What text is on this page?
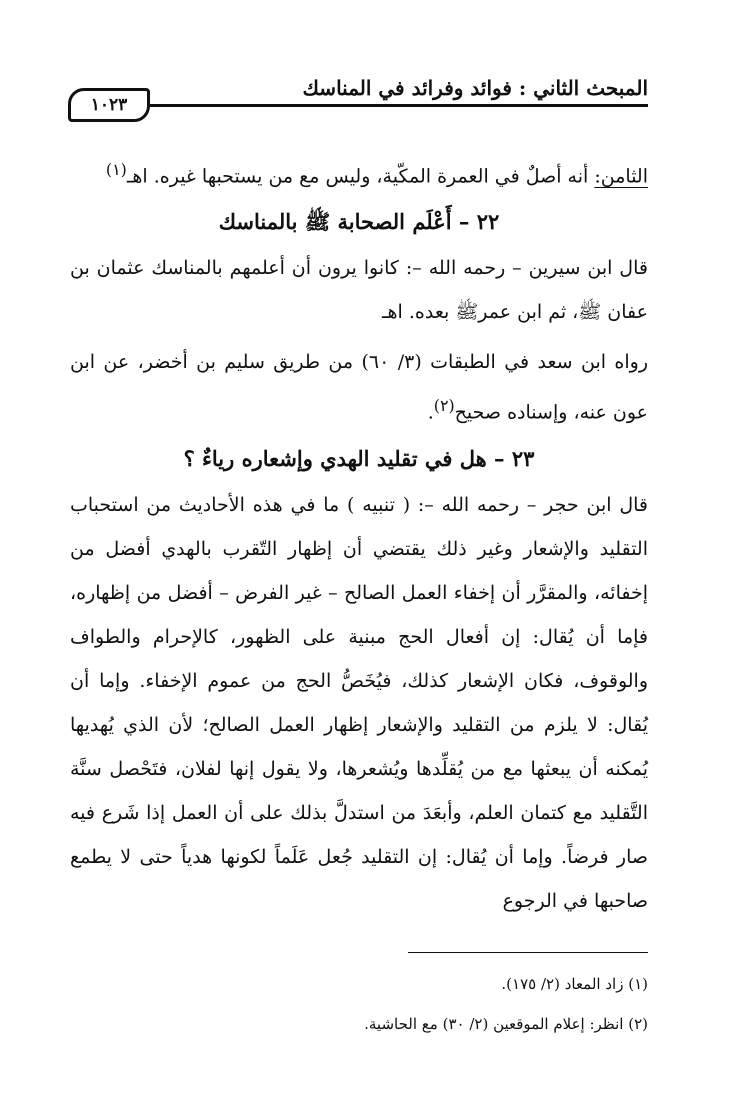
المبحث الثاني : فوائد وفرائد في المناسك
١٠٢٣

الثامن: أنه أصلٌ في العمرة المكّية، وليس مع من يستحبها غيره. اهـ$^{(١)}$

٢٢ – أَعْلَم الصحابة ﷺ بالمناسك

قال ابن سيرين – رحمه الله –: كانوا يرون أن أعلمهم بالمناسك عثمان بن عفان ﷺ، ثم ابن عمرﷺ بعده. اهـ

رواه ابن سعد في الطبقات (٣/ ٦٠) من طريق سليم بن أخضر، عن ابن عون عنه، وإسناده صحيح$^{(٢)}$.

٢٣ – هل في تقليد الهدي وإشعاره رياءٌ ؟

قال ابن حجر – رحمه الله –: ( تنبيه ) ما في هذه الأحاديث من استحباب التقليد والإشعار وغير ذلك يقتضي أن إظهار التّقرب بالهدي أفضل من إخفائه، والمقرَّر أن إخفاء العمل الصالح – غير الفرض – أفضل من إظهاره، فإما أن يُقال: إن أفعال الحج مبنية على الظهور، كالإحرام والطواف والوقوف، فكان الإشعار كذلك، فيُخَصُّ الحج من عموم الإخفاء. وإما أن يُقال: لا يلزم من التقليد والإشعار إظهار العمل الصالح؛ لأن الذي يُهديها يُمكنه أن يبعثها مع من يُقلِّدها ويُشعرها، ولا يقول إنها لفلان، فتَحْصل سنَّة التَّقليد مع كتمان العلم، وأبعَدَ من استدلَّ بذلك على أن العمل إذا شَرع فيه صار فرضاً. وإما أن يُقال: إن التقليد جُعل عَلَماً لكونها هدياً حتى لا يطمع صاحبها في الرجوع

(١) زاد المعاد (٢/ ١٧٥).
(٢) انظر: إعلام الموقعين (٢/ ٣٠) مع الحاشية.
